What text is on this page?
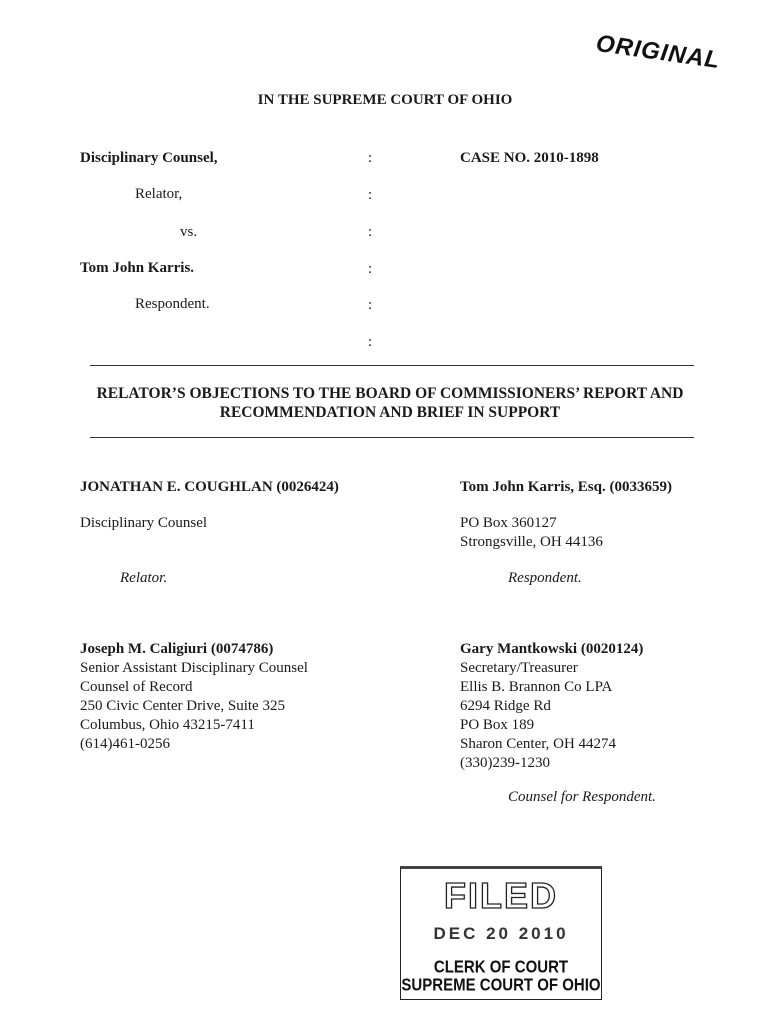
ORIGINAL
IN THE SUPREME COURT OF OHIO
Disciplinary Counsel,
Relator,
vs.
Tom John Karris.
Respondent.
CASE NO. 2010-1898
:
:
:
:
:
:
RELATOR’S OBJECTIONS TO THE BOARD OF COMMISSIONERS’ REPORT AND RECOMMENDATION AND BRIEF IN SUPPORT
JONATHAN E. COUGHLAN (0026424)
Disciplinary Counsel
Relator.
Tom John Karris, Esq. (0033659)
PO Box 360127
Strongsville, OH 44136
Respondent.
Joseph M. Caligiuri (0074786)
Senior Assistant Disciplinary Counsel
Counsel of Record
250 Civic Center Drive, Suite 325
Columbus, Ohio 43215-7411
(614)461-0256
Gary Mantkowski (0020124)
Secretary/Treasurer
Ellis B. Brannon Co LPA
6294 Ridge Rd
PO Box 189
Sharon Center, OH 44274
(330)239-1230
Counsel for Respondent.
FILED
DEC 20 2010
CLERK OF COURT
SUPREME COURT OF OHIO
